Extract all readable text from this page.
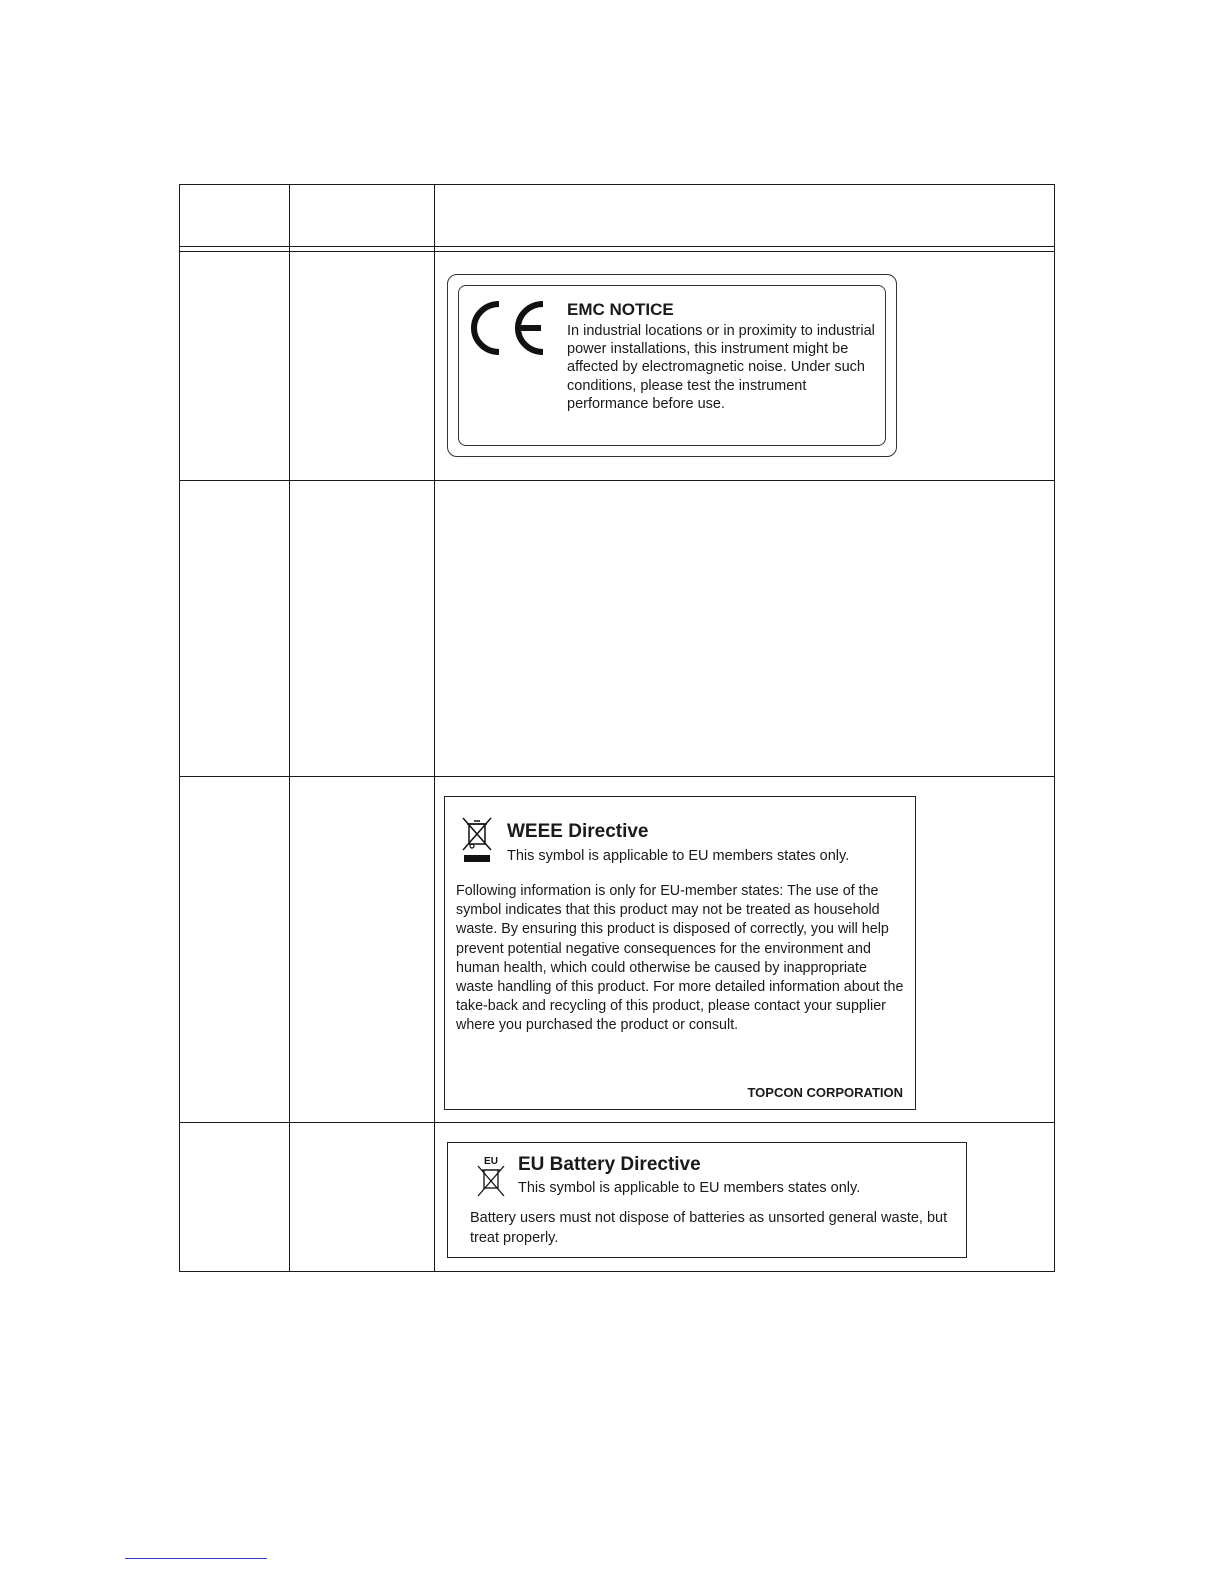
EMC NOTICE
In industrial locations or in proximity to industrial power installations, this instrument might be affected by electromagnetic noise. Under such conditions, please test the instrument performance before use.
WEEE Directive
This symbol is applicable to EU members states only.
Following information is only for EU-member states: The use of the symbol indicates that this product may not be treated as household waste. By ensuring this product is disposed of correctly, you will help prevent potential negative consequences for the environment and human health, which could otherwise be caused by inappropriate waste handling of this product. For more detailed information about the take-back and recycling of this product, please contact your supplier where you purchased the product or consult.
TOPCON CORPORATION
EU EU Battery Directive
This symbol is applicable to EU members states only.
Battery users must not dispose of batteries as unsorted general waste, but treat properly.
